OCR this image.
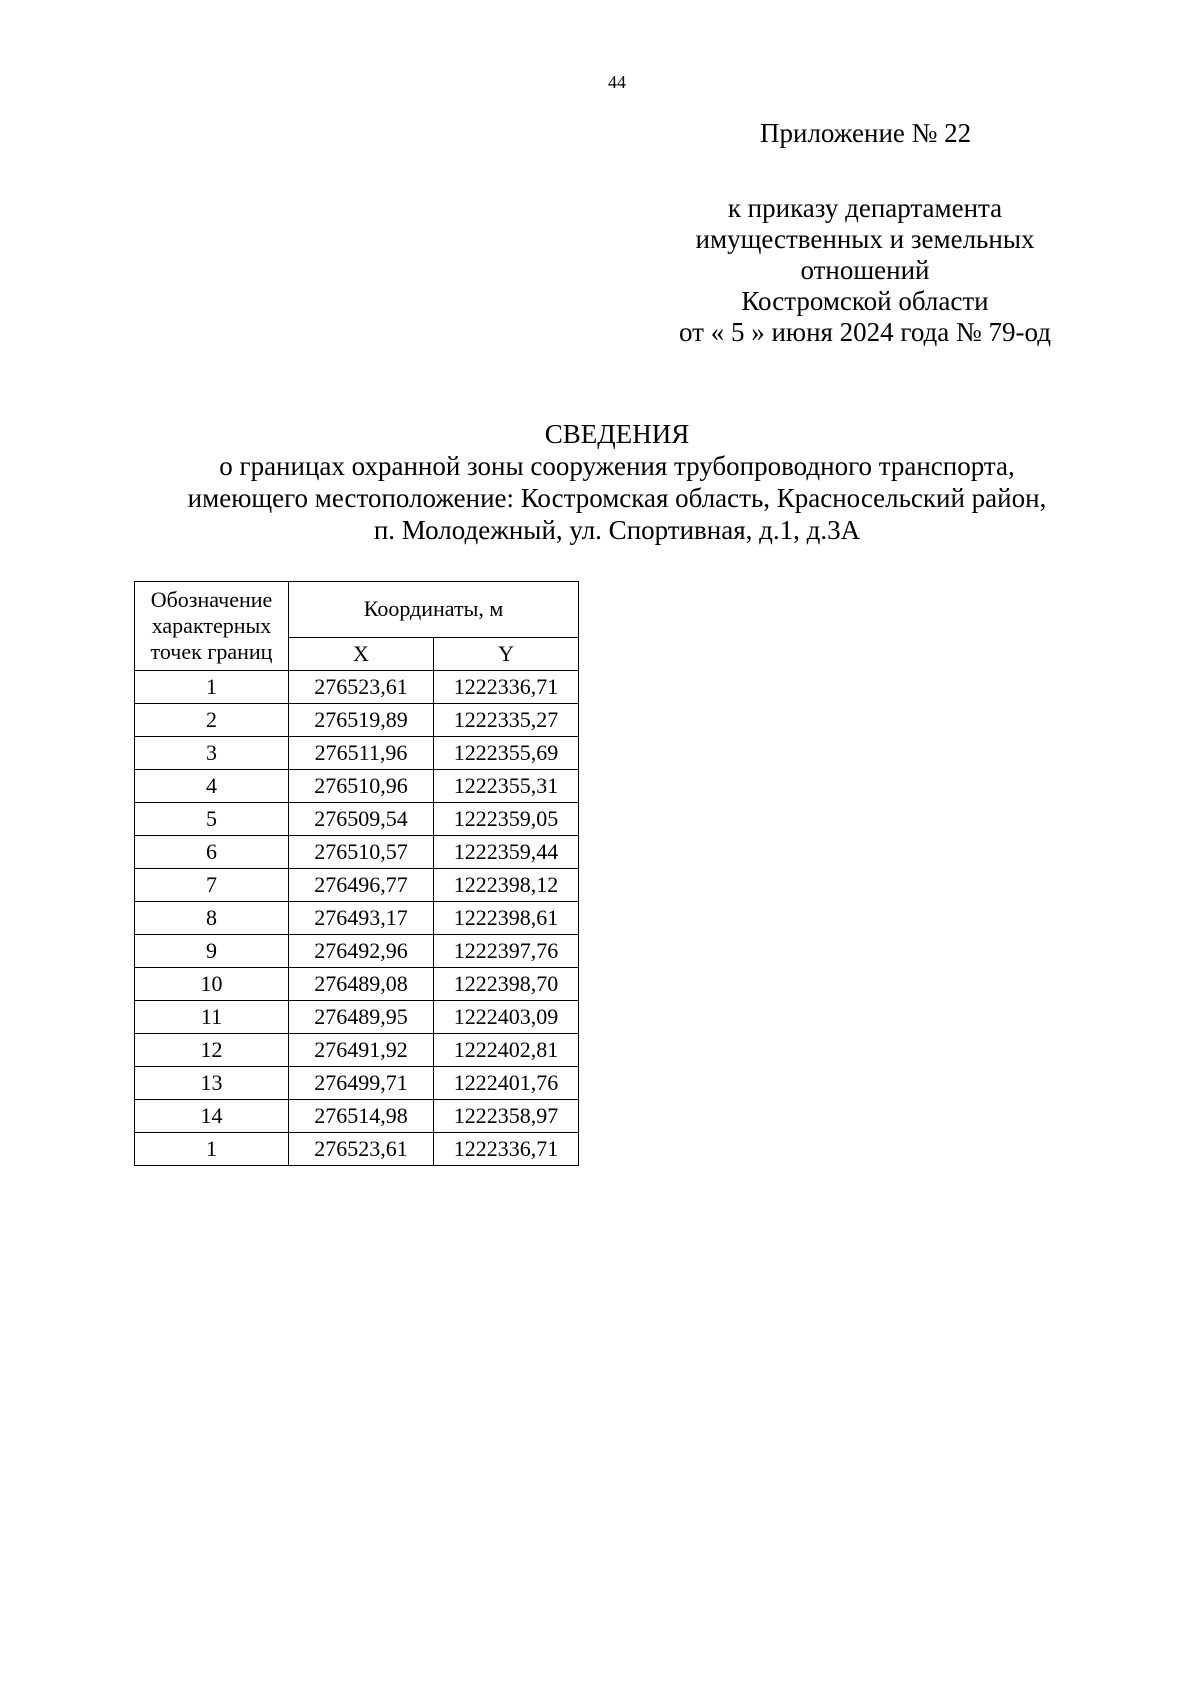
44
Приложение № 22
к приказу департамента
имущественных и земельных
отношений
Костромской области
от « 5 » июня 2024 года № 79-од
СВЕДЕНИЯ
о границах охранной зоны сооружения трубопроводного транспорта,
имеющего местоположение: Костромская область, Красносельский район,
п. Молодежный, ул. Спортивная, д.1, д.3А
Обозначение
характерных
точек границ	Координаты, м	
	X	Y
1	276523,61	1222336,71
2	276519,89	1222335,27
3	276511,96	1222355,69
4	276510,96	1222355,31
5	276509,54	1222359,05
6	276510,57	1222359,44
7	276496,77	1222398,12
8	276493,17	1222398,61
9	276492,96	1222397,76
10	276489,08	1222398,70
11	276489,95	1222403,09
12	276491,92	1222402,81
13	276499,71	1222401,76
14	276514,98	1222358,97
1	276523,61	1222336,71
